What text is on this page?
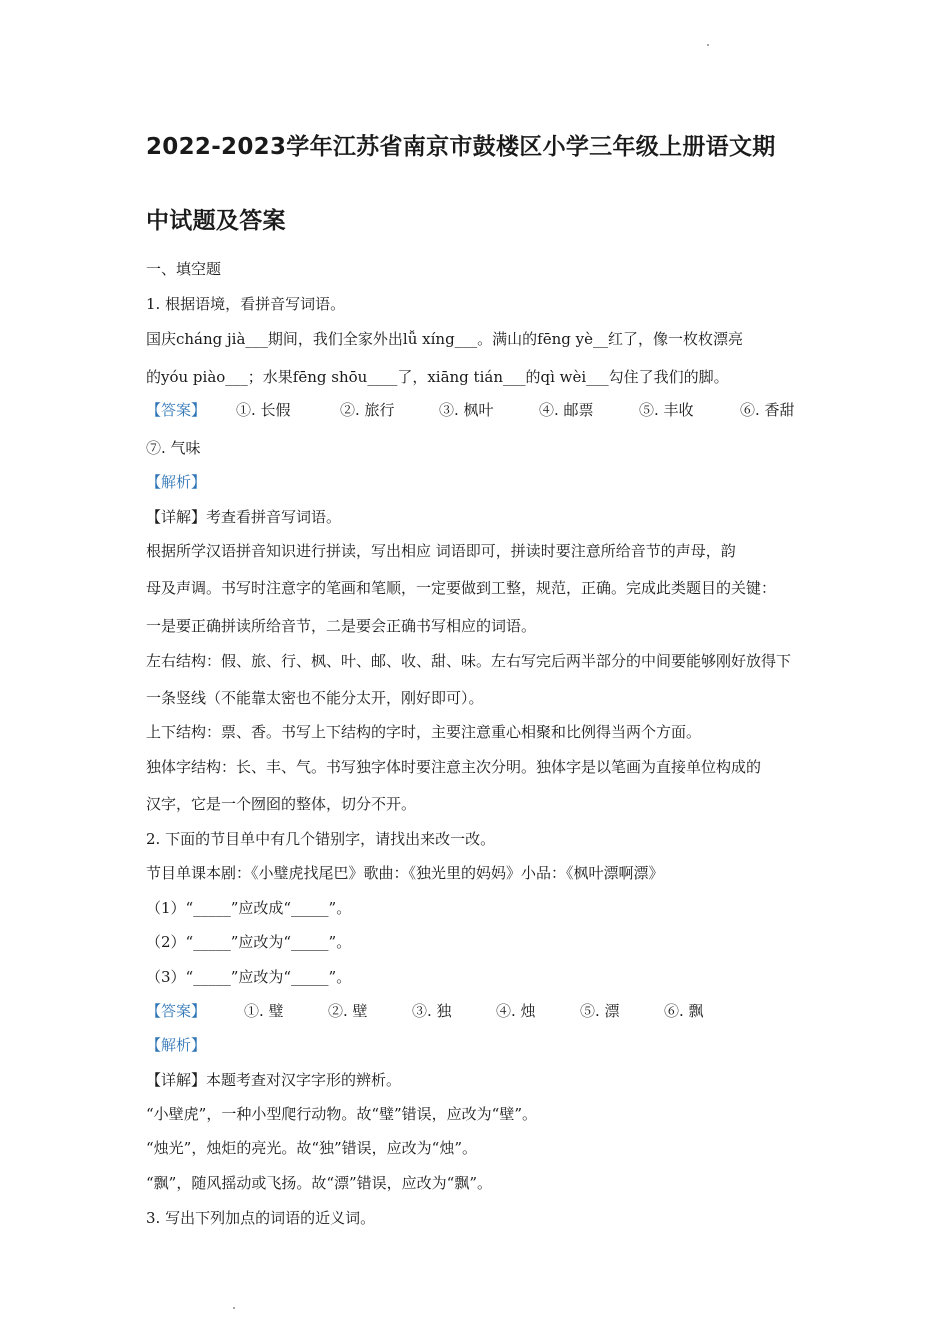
2022-2023学年江苏省南京市鼓楼区小学三年级上册语文期
中试题及答案
一、填空题
1. 根据语境，看拼音写词语。
国庆cháng jià___期间，我们全家外出lǚ xíng___。满山的fēng yè__红了，像一枚枚漂亮
的yóu piào___；水果fēng shōu____了，xiāng tián___的qì wèi___勾住了我们的脚。
【答案】 ①. 长假	②. 旅行	③. 枫叶	④. 邮票	⑤. 丰收	⑥. 香甜
⑦. 气味
【解析】
【详解】考查看拼音写词语。
根据所学汉语拼音知识进行拼读，写出相应 词语即可，拼读时要注意所给音节的声母，韵
母及声调。书写时注意字的笔画和笔顺，一定要做到工整，规范，正确。完成此类题目的关键：
一是要正确拼读所给音节，二是要会正确书写相应的词语。
左右结构：假、旅、行、枫、叶、邮、收、甜、味。左右写完后两半部分的中间要能够刚好放得下
一条竖线（不能靠太密也不能分太开，刚好即可）。
上下结构：票、香。书写上下结构的字时，主要注意重心相聚和比例得当两个方面。
独体字结构：长、丰、气。书写独字体时要注意主次分明。独体字是以笔画为直接单位构成的
汉字，它是一个囫囵的整体，切分不开。
2. 下面的节目单中有几个错别字，请找出来改一改。
节目单课本剧：《小璧虎找尾巴》歌曲：《独光里的妈妈》小品：《枫叶漂啊漂》
（1）“_____”应改成“_____”。
（2）“_____”应改为“_____”。
（3）“_____”应改为“_____”。
【答案】	①. 璧	②. 壁	③. 独	④. 烛	⑤. 漂	⑥. 飘
【解析】
【详解】本题考查对汉字字形的辨析。
“小壁虎”，一种小型爬行动物。故“璧”错误，应改为“壁”。
“烛光”，烛炬的亮光。故“独”错误，应改为“烛”。
“飘”，随风摇动或飞扬。故“漂”错误，应改为“飘”。
3. 写出下列加点的词语的近义词。
